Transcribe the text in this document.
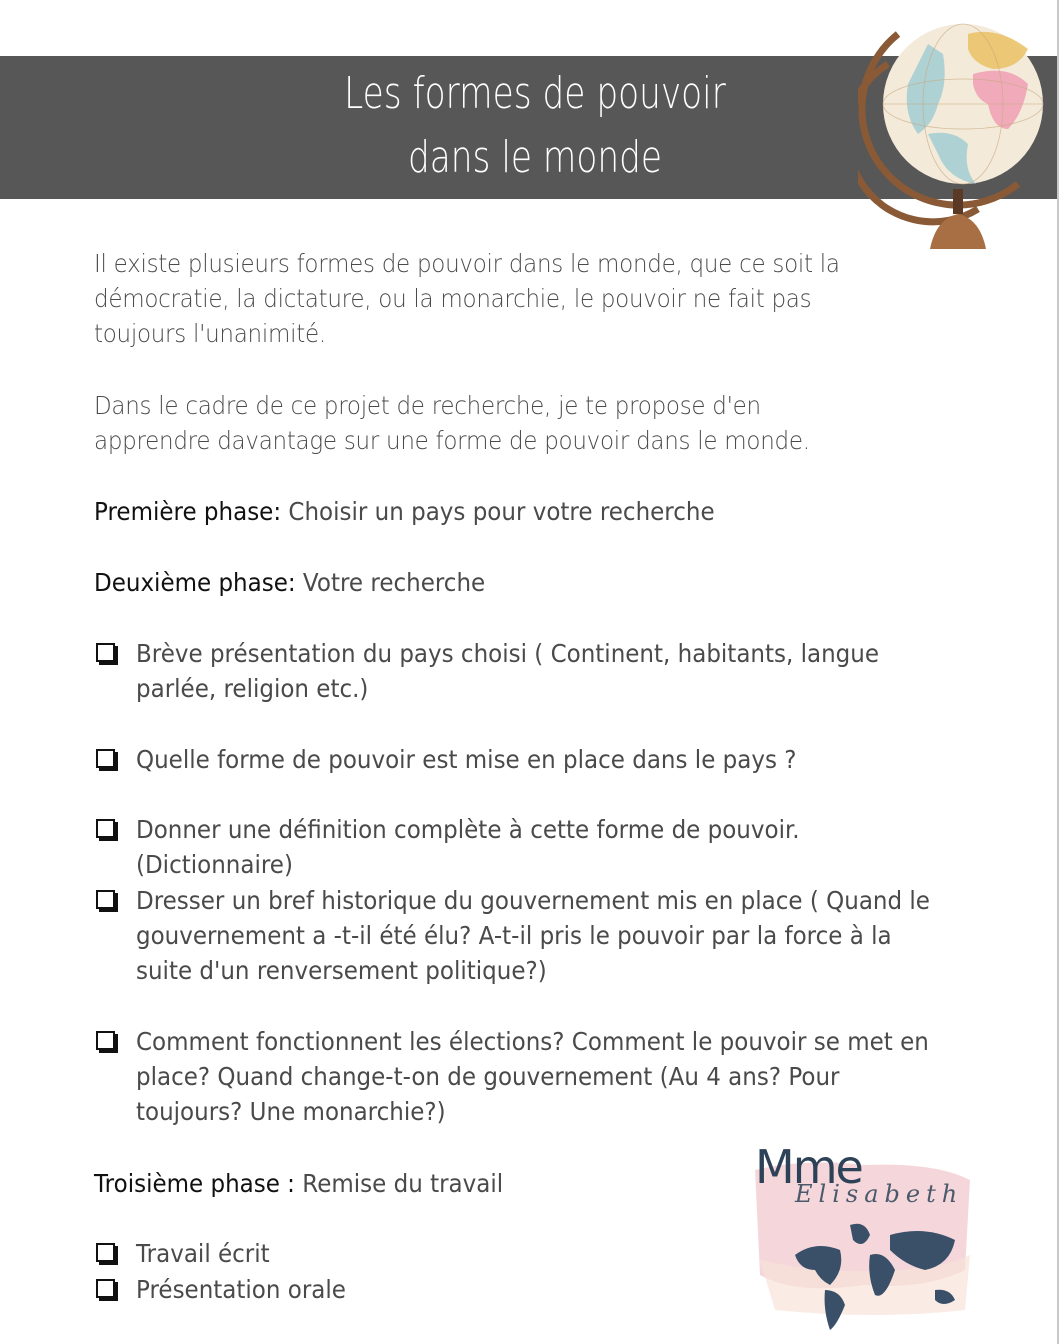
Les formes de pouvoir
dans le monde

Il existe plusieurs formes de pouvoir dans le monde, que ce soit la démocratie, la dictature, ou la monarchie, le pouvoir ne fait pas toujours l'unanimité.

Dans le cadre de ce projet de recherche, je te propose d'en apprendre davantage sur une forme de pouvoir dans le monde.

Première phase: Choisir un pays pour votre recherche
Deuxième phase: Votre recherche
Brève présentation du pays choisi ( Continent, habitants, langue parlée, religion etc.)
Quelle forme de pouvoir est mise en place dans le pays ?
Donner une définition complète à cette forme de pouvoir. (Dictionnaire)
Dresser un bref historique du gouvernement mis en place ( Quand le gouvernement a -t-il été élu? A-t-il pris le pouvoir par la force à la suite d'un renversement politique?)
Comment fonctionnent les élections? Comment le pouvoir se met en place? Quand change-t-on de gouvernement (Au 4 ans? Pour toujours? Une monarchie?)
Troisième phase : Remise du travail
Travail écrit
Présentation orale
Mme
Elisabeth
